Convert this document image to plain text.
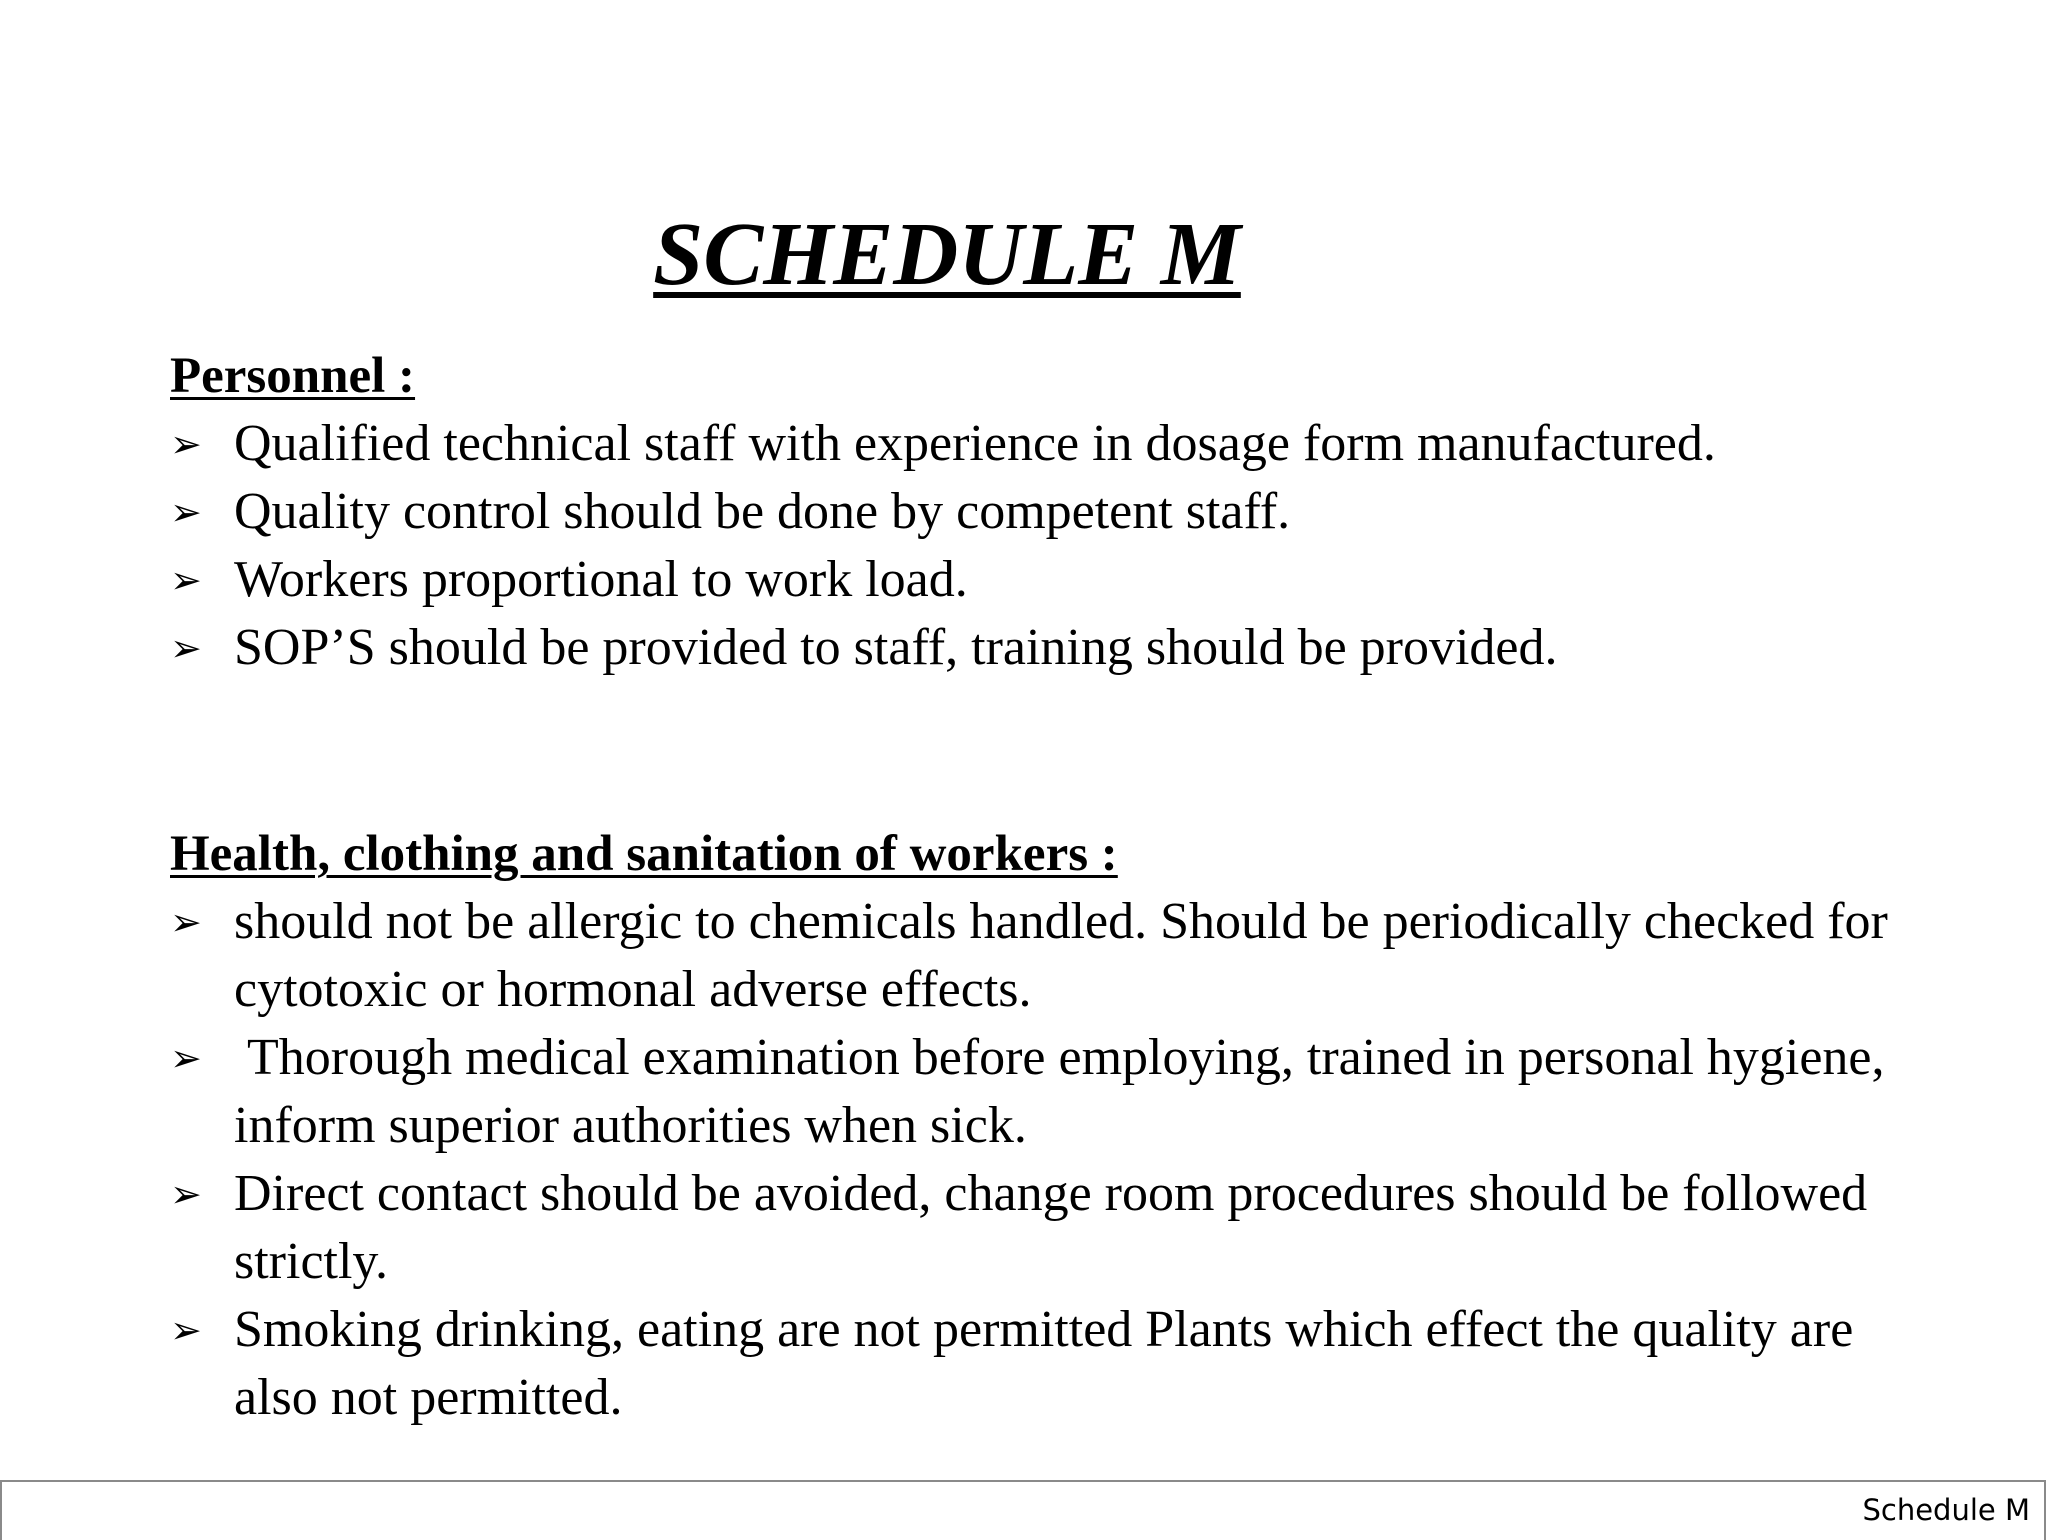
SCHEDULE M
Personnel :
➢ Qualified technical staff with experience in dosage form manufactured.
➢ Quality control should be done by competent staff.
➢ Workers proportional to work load.
➢ SOP’S should be provided to staff, training should be provided.
Health, clothing and sanitation of workers :
➢ should not be allergic to chemicals handled. Should be periodically checked for cytotoxic or hormonal adverse effects.
➢ Thorough medical examination before employing, trained in personal hygiene, inform superior authorities when sick.
➢ Direct contact should be avoided, change room procedures should be followed strictly.
➢ Smoking drinking, eating are not permitted Plants which effect the quality are also not permitted.
Schedule M
